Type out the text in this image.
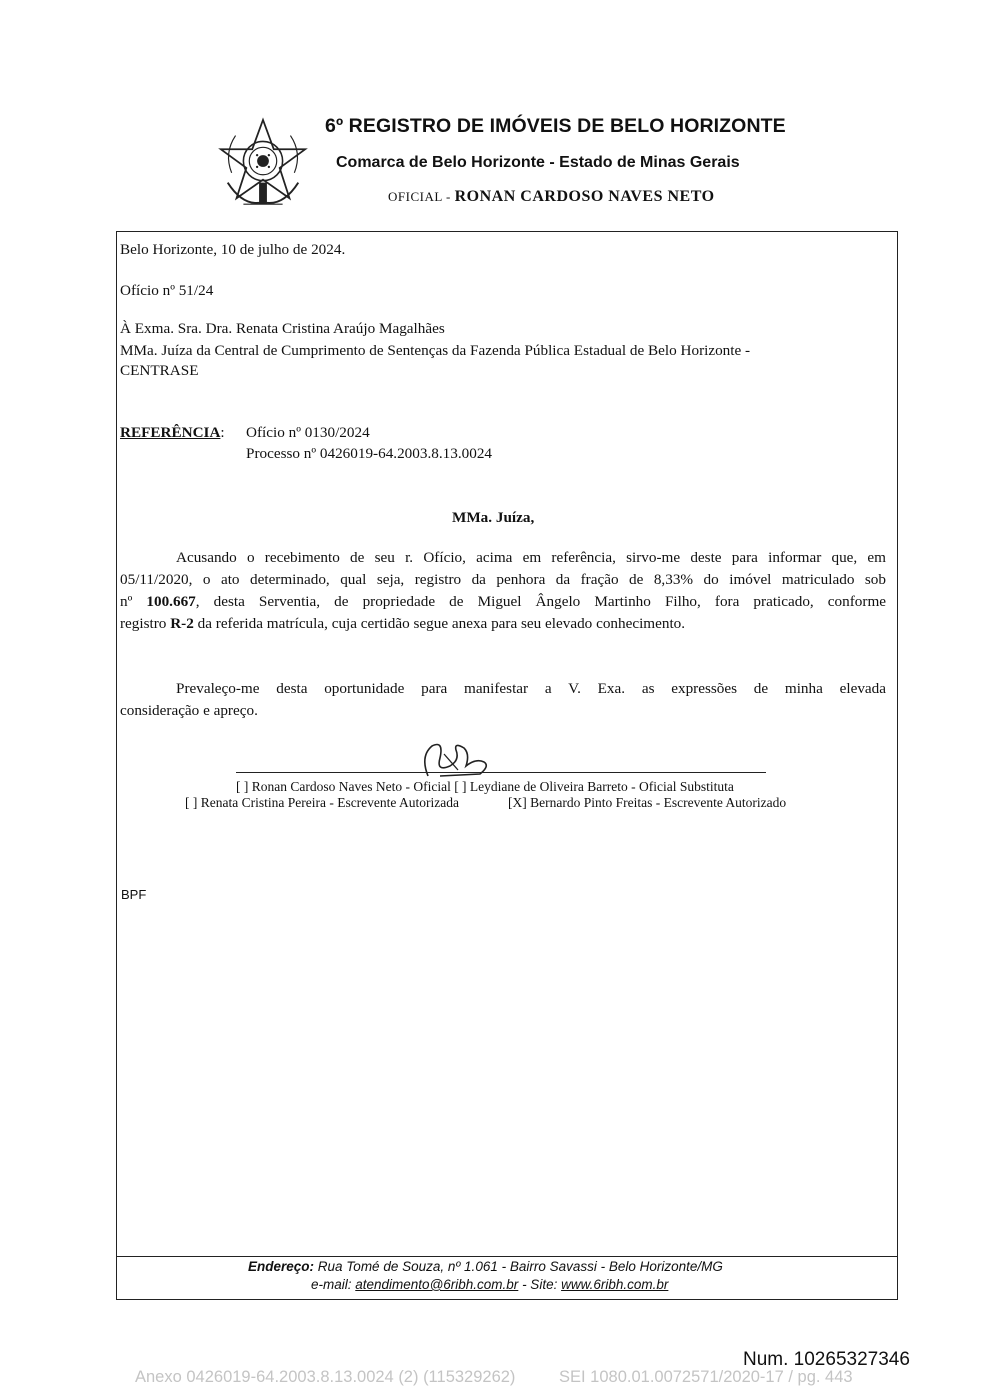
6º REGISTRO DE IMÓVEIS DE BELO HORIZONTE
Comarca de Belo Horizonte - Estado de Minas Gerais
OFICIAL - RONAN CARDOSO NAVES NETO
Belo Horizonte, 10 de julho de 2024.
Ofício nº 51/24
À Exma. Sra. Dra. Renata Cristina Araújo Magalhães
MMa. Juíza da Central de Cumprimento de Sentenças da Fazenda Pública Estadual de Belo Horizonte -
CENTRASE
REFERÊNCIA: Ofício nº 0130/2024
Processo nº 0426019-64.2003.8.13.0024
MMa. Juíza,
Acusando o recebimento de seu r. Ofício, acima em referência, sirvo-me deste para informar que, em
05/11/2020, o ato determinado, qual seja, registro da penhora da fração de 8,33% do imóvel matriculado sob
nº 100.667, desta Serventia, de propriedade de Miguel Ângelo Martinho Filho, fora praticado, conforme
registro R-2 da referida matrícula, cuja certidão segue anexa para seu elevado conhecimento.
Prevaleço-me desta oportunidade para manifestar a V. Exa. as expressões de minha elevada
consideração e apreço.
[ ] Ronan Cardoso Naves Neto - Oficial [ ] Leydiane de Oliveira Barreto - Oficial Substituta
[ ] Renata Cristina Pereira - Escrevente Autorizada	[X] Bernardo Pinto Freitas - Escrevente Autorizado
BPF
Endereço: Rua Tomé de Souza, nº 1.061 - Bairro Savassi - Belo Horizonte/MG
e-mail: atendimento@6ribh.com.br - Site: www.6ribh.com.br
Num. 10265327346
Anexo 0426019-64.2003.8.13.0024 (2) (115329262)	SEI 1080.01.0072571/2020-17 / pg. 443
